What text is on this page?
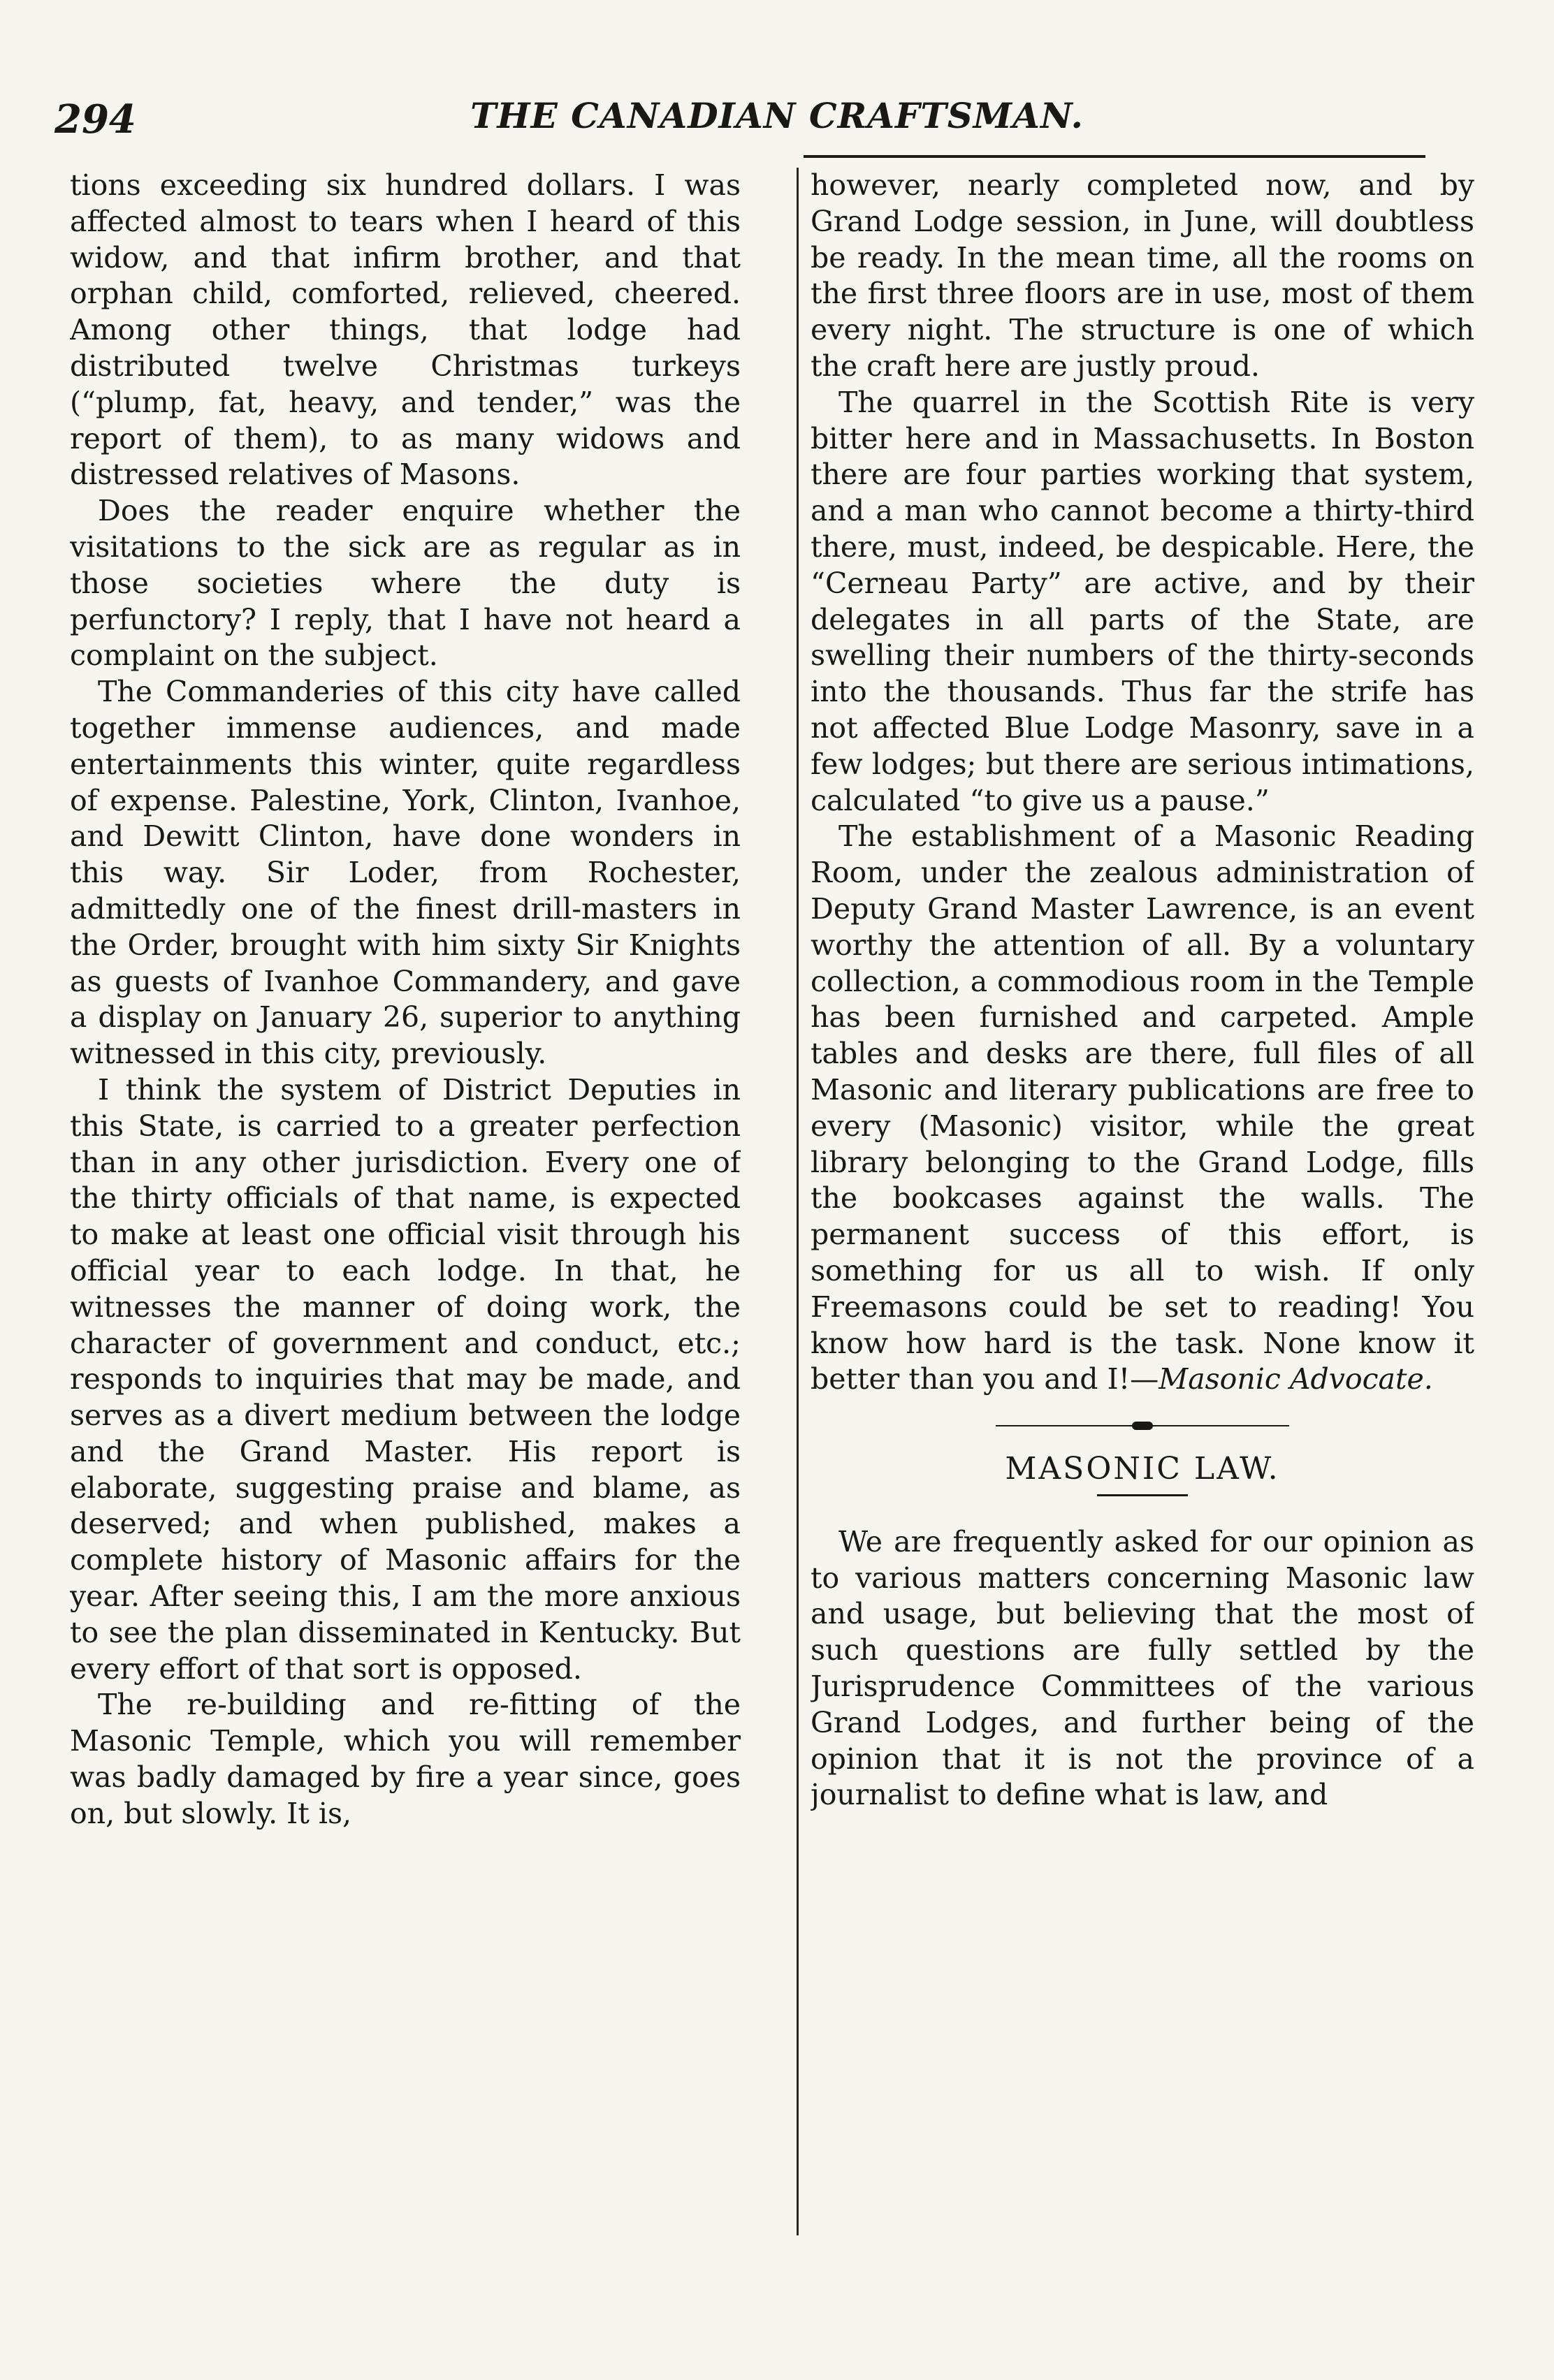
294	THE CANADIAN CRAFTSMAN.

tions exceeding six hundred dollars. I was affected almost to tears when I heard of this widow, and that infirm brother, and that orphan child, comforted, relieved, cheered. Among other things, that lodge had distributed twelve Christmas turkeys (“plump, fat, heavy, and tender,” was the report of them), to as many widows and distressed relatives of Masons.

Does the reader enquire whether the visitations to the sick are as regular as in those societies where the duty is perfunctory? I reply, that I have not heard a complaint on the subject.

The Commanderies of this city have called together immense audiences, and made entertainments this winter, quite regardless of expense. Palestine, York, Clinton, Ivanhoe, and Dewitt Clinton, have done wonders in this way. Sir Loder, from Rochester, admittedly one of the finest drill-masters in the Order, brought with him sixty Sir Knights as guests of Ivanhoe Commandery, and gave a display on January 26, superior to anything witnessed in this city, previously.

I think the system of District Deputies in this State, is carried to a greater perfection than in any other jurisdiction. Every one of the thirty officials of that name, is expected to make at least one official visit through his official year to each lodge. In that, he witnesses the manner of doing work, the character of government and conduct, etc.; responds to inquiries that may be made, and serves as a divert medium between the lodge and the Grand Master. His report is elaborate, suggesting praise and blame, as deserved; and when published, makes a complete history of Masonic affairs for the year. After seeing this, I am the more anxious to see the plan disseminated in Kentucky. But every effort of that sort is opposed.

The re-building and re-fitting of the Masonic Temple, which you will remember was badly damaged by fire a year since, goes on, but slowly. It is,

however, nearly completed now, and by Grand Lodge session, in June, will doubtless be ready. In the mean time, all the rooms on the first three floors are in use, most of them every night. The structure is one of which the craft here are justly proud.

The quarrel in the Scottish Rite is very bitter here and in Massachusetts. In Boston there are four parties working that system, and a man who cannot become a thirty-third there, must, indeed, be despicable. Here, the “Cerneau Party” are active, and by their delegates in all parts of the State, are swelling their numbers of the thirty-seconds into the thousands. Thus far the strife has not affected Blue Lodge Masonry, save in a few lodges; but there are serious intimations, calculated “to give us a pause.”

The establishment of a Masonic Reading Room, under the zealous administration of Deputy Grand Master Lawrence, is an event worthy the attention of all. By a voluntary collection, a commodious room in the Temple has been furnished and carpeted. Ample tables and desks are there, full files of all Masonic and literary publications are free to every (Masonic) visitor, while the great library belonging to the Grand Lodge, fills the bookcases against the walls. The permanent success of this effort, is something for us all to wish. If only Freemasons could be set to reading! You know how hard is the task. None know it better than you and I!—Masonic Advocate.

MASONIC LAW.

We are frequently asked for our opinion as to various matters concerning Masonic law and usage, but believing that the most of such questions are fully settled by the Jurisprudence Committees of the various Grand Lodges, and further being of the opinion that it is not the province of a journalist to define what is law, and
